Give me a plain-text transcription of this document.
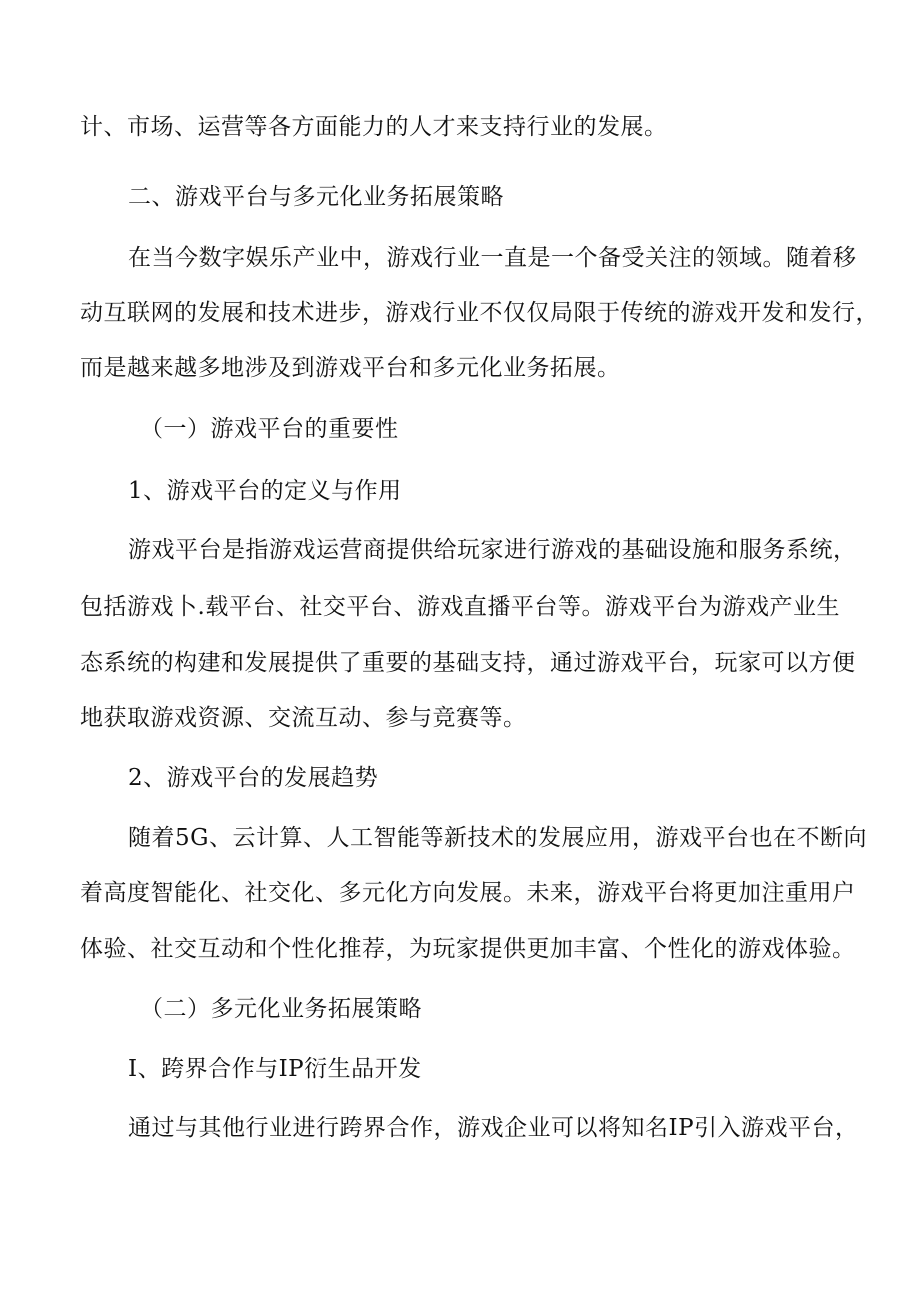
计、市场、运营等各方面能力的人才来支持行业的发展。
二、游戏平台与多元化业务拓展策略
在当今数字娱乐产业中，游戏行业一直是一个备受关注的领域。随着移
动互联网的发展和技术进步，游戏行业不仅仅局限于传统的游戏开发和发行，
而是越来越多地涉及到游戏平台和多元化业务拓展。
（一）游戏平台的重要性
1、游戏平台的定义与作用
游戏平台是指游戏运营商提供给玩家进行游戏的基础设施和服务系统，
包括游戏卜.载平台、社交平台、游戏直播平台等。游戏平台为游戏产业生
态系统的构建和发展提供了重要的基础支持，通过游戏平台，玩家可以方便
地获取游戏资源、交流互动、参与竞赛等。
2、游戏平台的发展趋势
随着5G、云计算、人工智能等新技术的发展应用，游戏平台也在不断向
着高度智能化、社交化、多元化方向发展。未来，游戏平台将更加注重用户
体验、社交互动和个性化推荐，为玩家提供更加丰富、个性化的游戏体验。
（二）多元化业务拓展策略
I、跨界合作与IP衍生品开发
通过与其他行业进行跨界合作，游戏企业可以将知名IP引入游戏平台，
